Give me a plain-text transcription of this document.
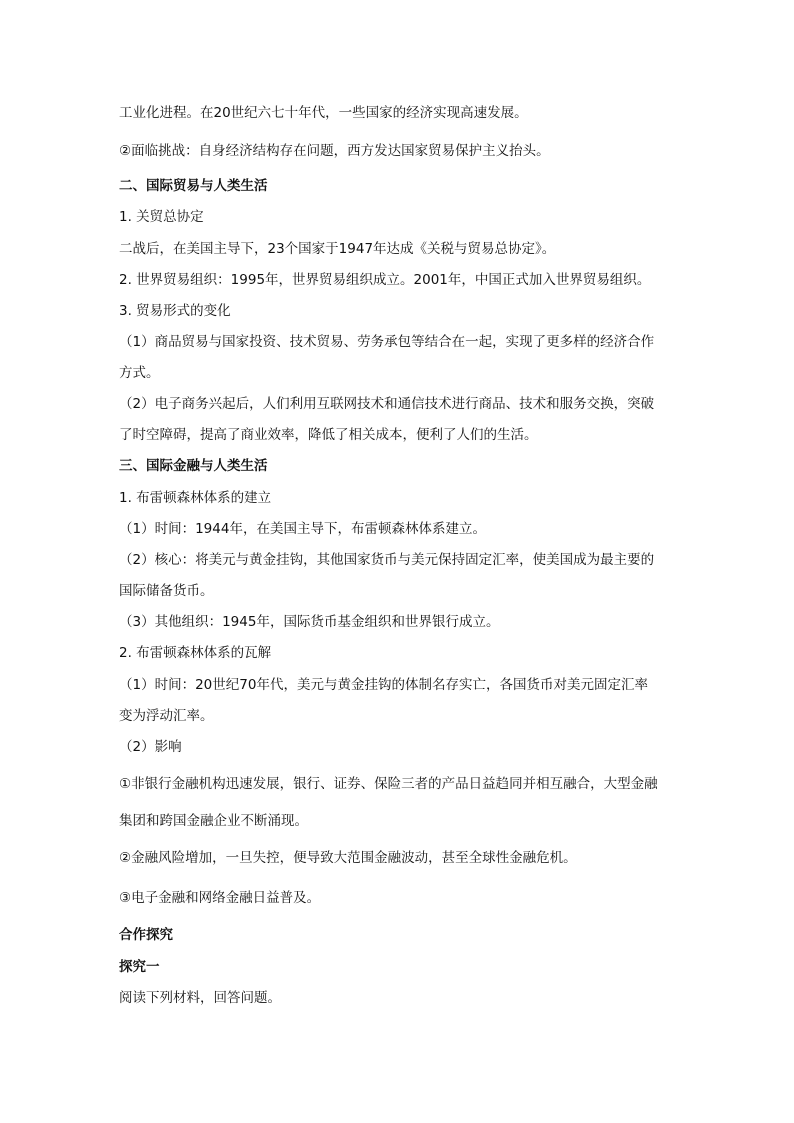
工业化进程。在20世纪六七十年代，一些国家的经济实现高速发展。
②面临挑战：自身经济结构存在问题，西方发达国家贸易保护主义抬头。
二、国际贸易与人类生活
1. 关贸总协定
二战后，在美国主导下，23个国家于1947年达成《关税与贸易总协定》。
2. 世界贸易组织：1995年，世界贸易组织成立。2001年，中国正式加入世界贸易组织。
3. 贸易形式的变化
（1）商品贸易与国家投资、技术贸易、劳务承包等结合在一起，实现了更多样的经济合作
方式。
（2）电子商务兴起后，人们利用互联网技术和通信技术进行商品、技术和服务交换，突破
了时空障碍，提高了商业效率，降低了相关成本，便利了人们的生活。
三、国际金融与人类生活
1. 布雷顿森林体系的建立
（1）时间：1944年，在美国主导下，布雷顿森林体系建立。
（2）核心：将美元与黄金挂钩，其他国家货币与美元保持固定汇率，使美国成为最主要的
国际储备货币。
（3）其他组织：1945年，国际货币基金组织和世界银行成立。
2. 布雷顿森林体系的瓦解
（1）时间：20世纪70年代，美元与黄金挂钩的体制名存实亡，各国货币对美元固定汇率
变为浮动汇率。
（2）影响
①非银行金融机构迅速发展，银行、证券、保险三者的产品日益趋同并相互融合，大型金融
集团和跨国金融企业不断涌现。
②金融风险增加，一旦失控，便导致大范围金融波动，甚至全球性金融危机。
③电子金融和网络金融日益普及。
合作探究
探究一
阅读下列材料，回答问题。
